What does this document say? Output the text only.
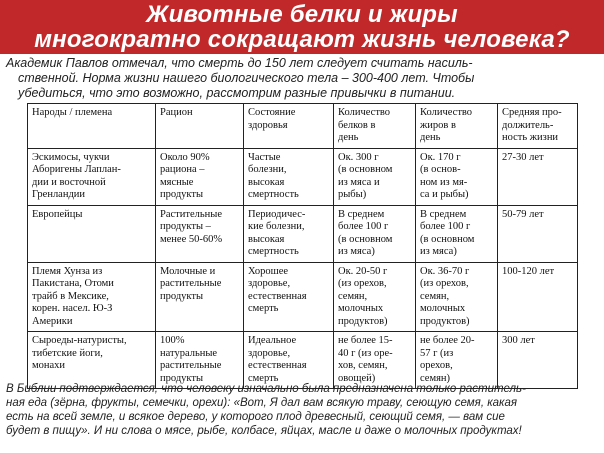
Животные белки и жиры
многократно сокращают жизнь человека?
Академик Павлов отмечал, что смерть до 150 лет следует считать насиль-
ственной. Норма жизни нашего биологического тела – 300-400 лет. Чтобы
убедиться, что это возможно, рассмотрим разные привычки в питании.
Народы / племена	Рацион	Состояние
здоровья	Количество
белков в
день	Количество
жиров в
день	Средняя про-
должитель-
ность жизни

Эскимосы, чукчи
Аборигены Лаплан-
дии и восточной
Гренландии	Около 90%
рациона –
мясные
продукты	Частые
болезни,
высокая
смертность	Ок. 300 г
(в основном
из мяса и
рыбы)	Ок. 170 г
(в основ-
ном из мя-
са и рыбы)	27-30 лет

Европейцы	Растительные
продукты –
менее 50-60%	Периодичес-
кие болезни,
высокая
смертность	В среднем
более 100 г
(в основном
из мяса)	В среднем
более 100 г
(в основном
из мяса)	50-79 лет

Племя Хунза из
Пакистана, Отоми
трайб в Мексике,
корен. насел. Ю-З
Америки	Молочные и
растительные
продукты	Хорошее
здоровье,
естественная
смерть	Ок. 20-50 г
(из орехов,
семян,
молочных
продуктов)	Ок. 36-70 г
(из орехов,
семян,
молочных
продуктов)	100-120 лет

Сыроеды-натуристы,
тибетские йоги,
монахи	100%
натуральные
растительные
продукты	Идеальное
здоровье,
естественная
смерть	не более 15-
40 г (из оре-
хов, семян,
овощей)	не более 20-
57 г (из
орехов,
семян)	300 лет
В Библии подтверждается, что человеку изначально была предназначена только раститель-
ная еда (зёрна, фрукты, семечки, орехи): «Вот, Я дал вам всякую траву, сеющую семя, какая
есть на всей земле, и всякое дерево, у которого плод древесный, сеющий семя, — вам сие
будет в пищу». И ни слова о мясе, рыбе, колбасе, яйцах, масле и даже о молочных продуктах!
